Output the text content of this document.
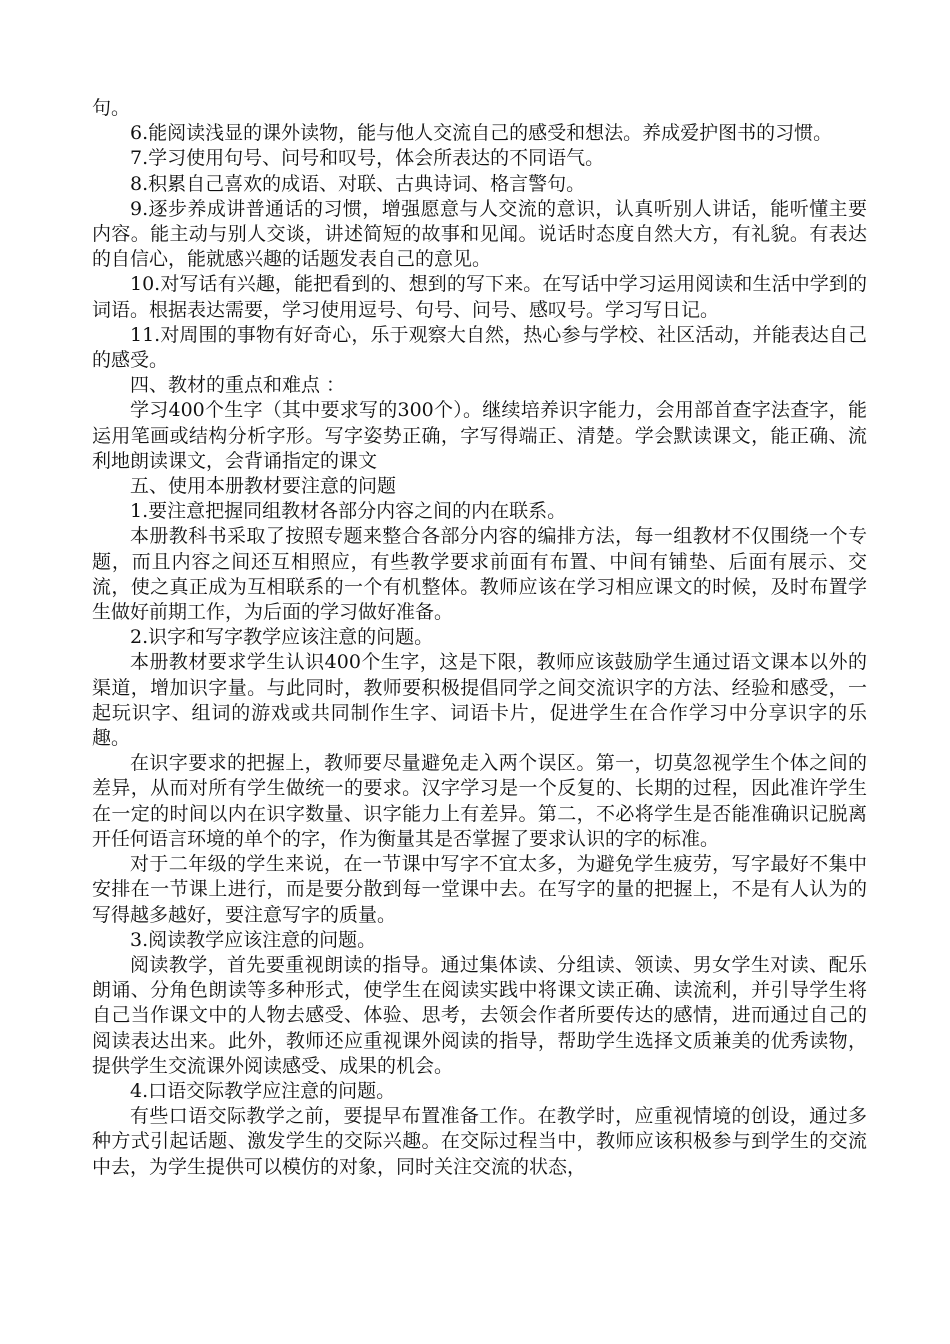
句。

6.能阅读浅显的课外读物，能与他人交流自己的感受和想法。养成爱护图书的习惯。

7.学习使用句号、问号和叹号，体会所表达的不同语气。

8.积累自己喜欢的成语、对联、古典诗词、格言警句。

9.逐步养成讲普通话的习惯，增强愿意与人交流的意识，认真听别人讲话，能听懂主要内容。能主动与别人交谈，讲述简短的故事和见闻。说话时态度自然大方，有礼貌。有表达的自信心，能就感兴趣的话题发表自己的意见。

10.对写话有兴趣，能把看到的、想到的写下来。在写话中学习运用阅读和生活中学到的词语。根据表达需要，学习使用逗号、句号、问号、感叹号。学习写日记。

11.对周围的事物有好奇心，乐于观察大自然，热心参与学校、社区活动，并能表达自己的感受。

四、教材的重点和难点 ：

学习400个生字（其中要求写的300个）。继续培养识字能力，会用部首查字法查字，能运用笔画或结构分析字形。写字姿势正确，字写得端正、清楚。学会默读课文，能正确、流利地朗读课文，会背诵指定的课文

五、使用本册教材要注意的问题

1.要注意把握同组教材各部分内容之间的内在联系。

本册教科书采取了按照专题来整合各部分内容的编排方法，每一组教材不仅围绕一个专题，而且内容之间还互相照应，有些教学要求前面有布置、中间有铺垫、后面有展示、交流，使之真正成为互相联系的一个有机整体。教师应该在学习相应课文的时候，及时布置学生做好前期工作，为后面的学习做好准备。

2.识字和写字教学应该注意的问题。

本册教材要求学生认识400个生字，这是下限，教师应该鼓励学生通过语文课本以外的渠道，增加识字量。与此同时，教师要积极提倡同学之间交流识字的方法、经验和感受，一起玩识字、组词的游戏或共同制作生字、词语卡片，促进学生在合作学习中分享识字的乐趣。

在识字要求的把握上，教师要尽量避免走入两个误区。第一，切莫忽视学生个体之间的差异，从而对所有学生做统一的要求。汉字学习是一个反复的、长期的过程，因此准许学生在一定的时间以内在识字数量、识字能力上有差异。第二，不必将学生是否能准确识记脱离开任何语言环境的单个的字，作为衡量其是否掌握了要求认识的字的标准。

对于二年级的学生来说，在一节课中写字不宜太多，为避免学生疲劳，写字最好不集中安排在一节课上进行，而是要分散到每一堂课中去。在写字的量的把握上，不是有人认为的写得越多越好，要注意写字的质量。

3.阅读教学应该注意的问题。

阅读教学，首先要重视朗读的指导。通过集体读、分组读、领读、男女学生对读、配乐朗诵、分角色朗读等多种形式，使学生在阅读实践中将课文读正确、读流利，并引导学生将自己当作课文中的人物去感受、体验、思考，去领会作者所要传达的感情，进而通过自己的阅读表达出来。此外，教师还应重视课外阅读的指导，帮助学生选择文质兼美的优秀读物，提供学生交流课外阅读感受、成果的机会。

4.口语交际教学应注意的问题。

有些口语交际教学之前，要提早布置准备工作。在教学时，应重视情境的创设，通过多种方式引起话题、激发学生的交际兴趣。在交际过程当中，教师应该积极参与到学生的交流中去，为学生提供可以模仿的对象，同时关注交流的状态，
